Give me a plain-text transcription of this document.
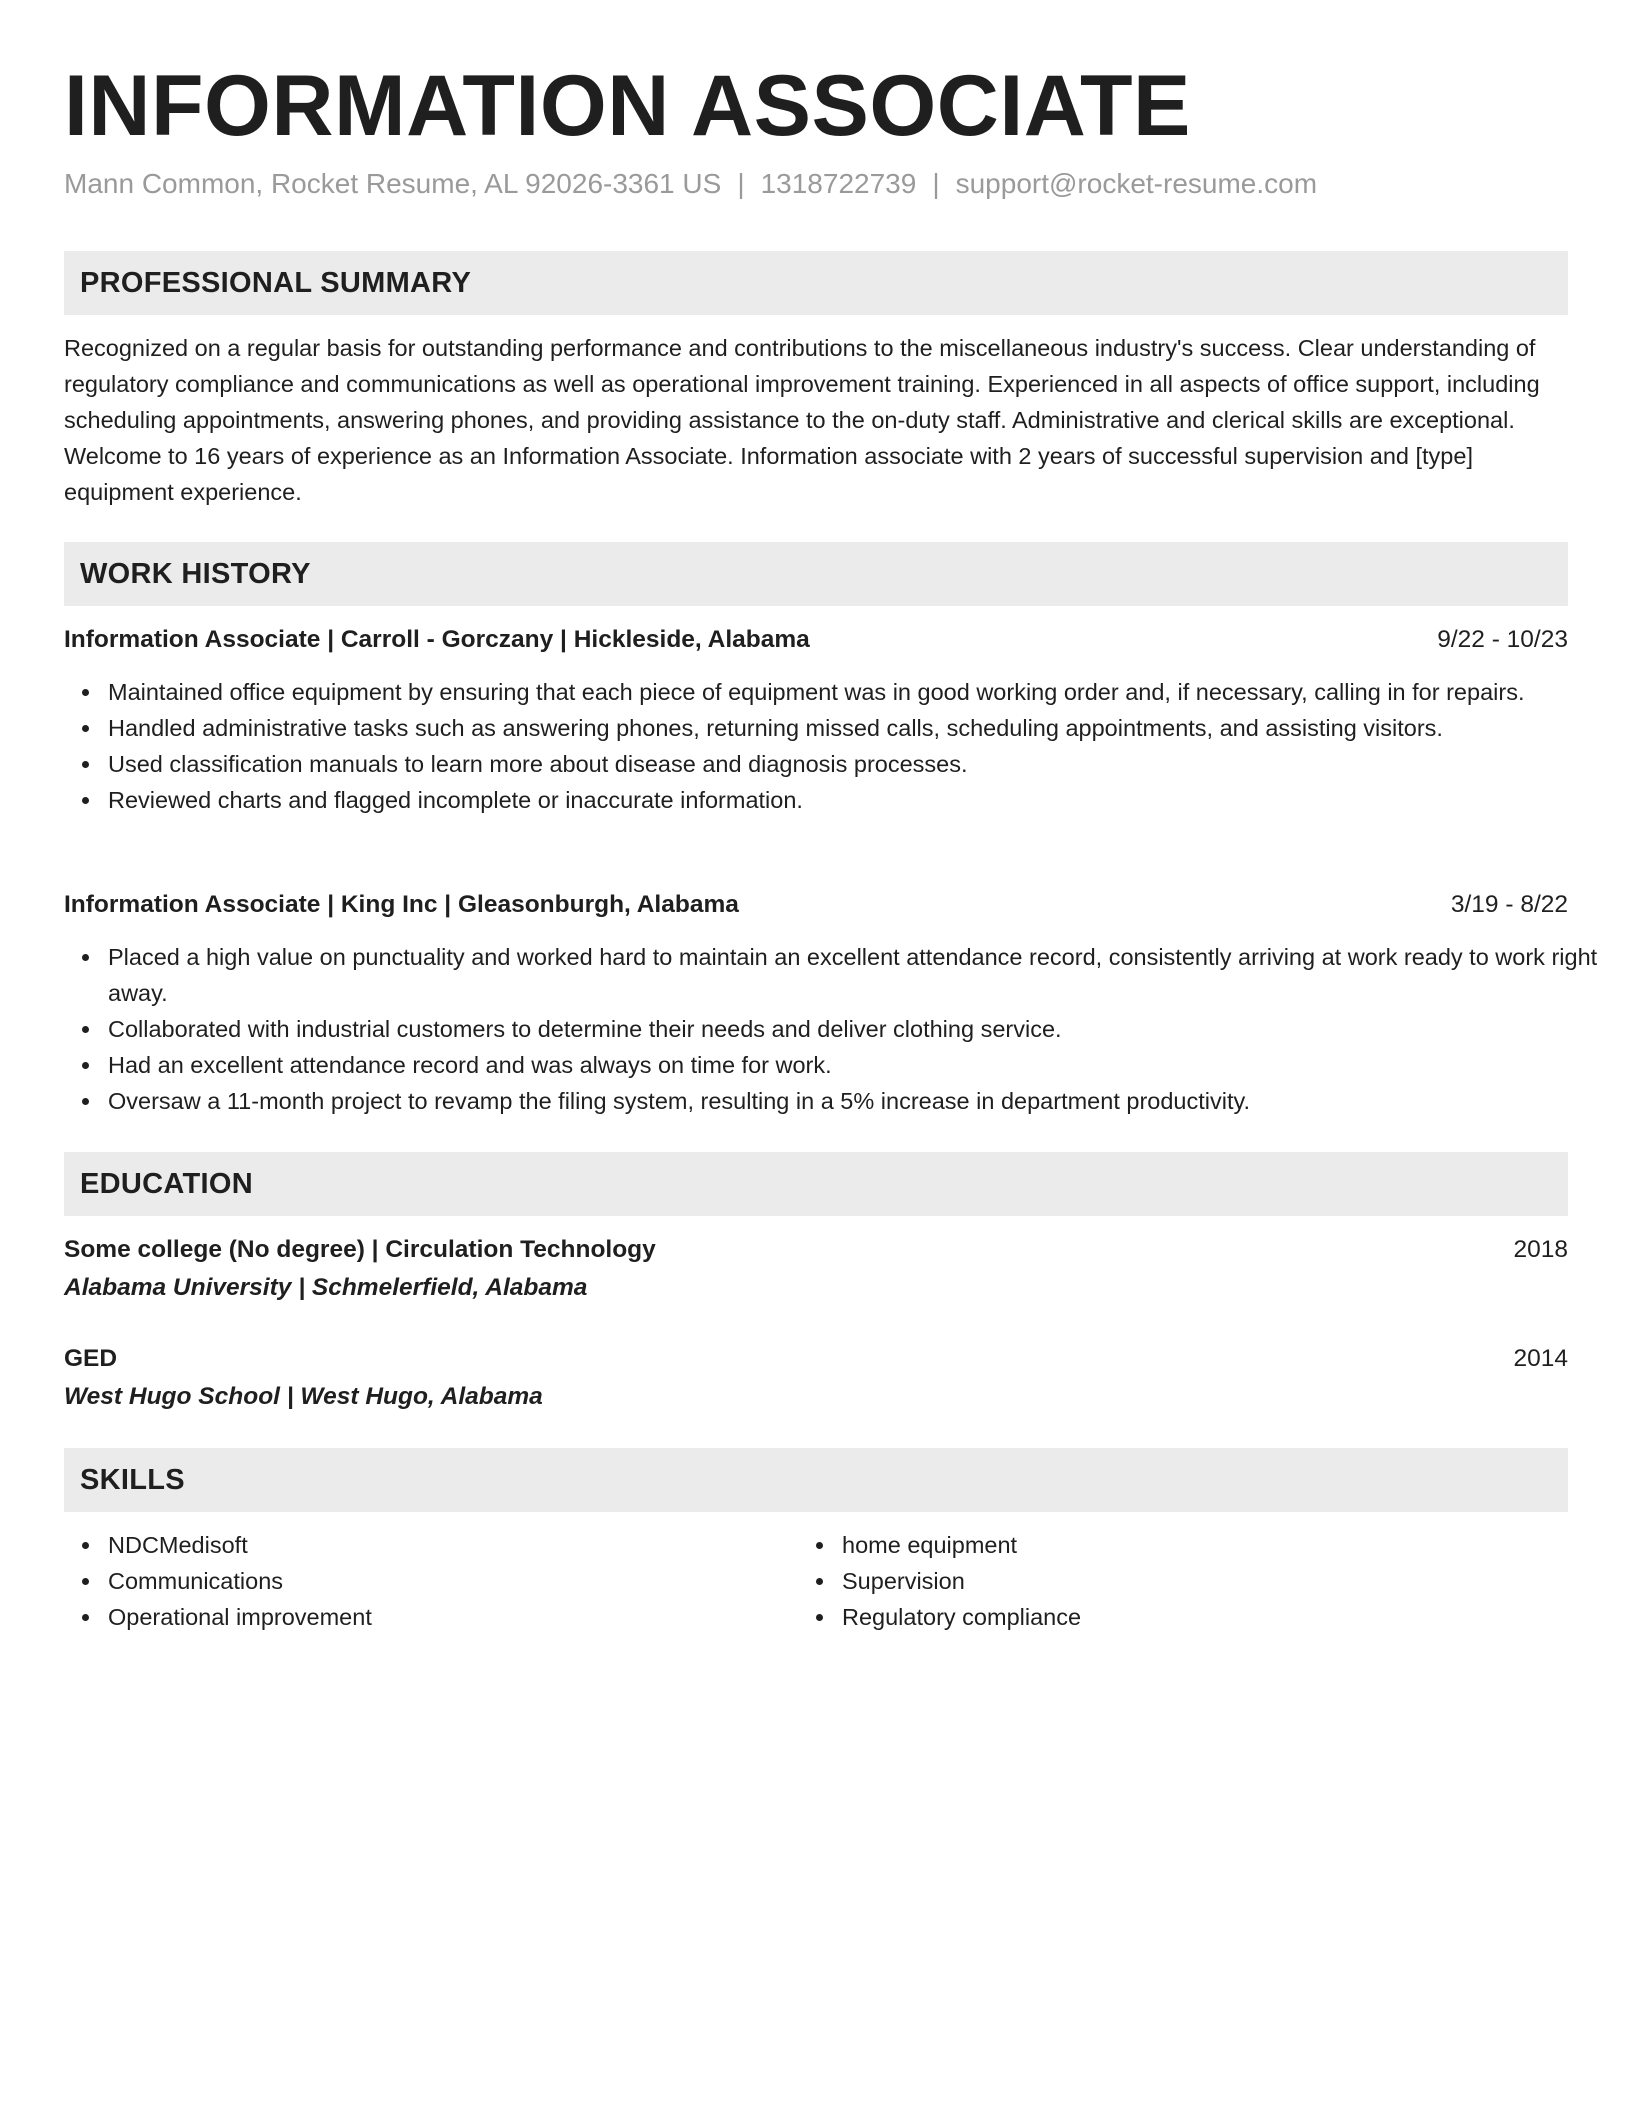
INFORMATION ASSOCIATE
Mann Common, Rocket Resume, AL 92026-3361 US | 1318722739 | support@rocket-resume.com
PROFESSIONAL SUMMARY

Recognized on a regular basis for outstanding performance and contributions to the miscellaneous industry's success. Clear understanding of regulatory compliance and communications as well as operational improvement training. Experienced in all aspects of office support, including scheduling appointments, answering phones, and providing assistance to the on-duty staff. Administrative and clerical skills are exceptional. Welcome to 16 years of experience as an Information Associate. Information associate with 2 years of successful supervision and [type] equipment experience.

WORK HISTORY
Information Associate | Carroll - Gorczany | Hickleside, Alabama	9/22 - 10/23
Maintained office equipment by ensuring that each piece of equipment was in good working order and, if necessary, calling in for repairs.
Handled administrative tasks such as answering phones, returning missed calls, scheduling appointments, and assisting visitors.
Used classification manuals to learn more about disease and diagnosis processes.
Reviewed charts and flagged incomplete or inaccurate information.
Information Associate | King Inc | Gleasonburgh, Alabama	3/19 - 8/22
Placed a high value on punctuality and worked hard to maintain an excellent attendance record, consistently arriving at work ready to work right away.
Collaborated with industrial customers to determine their needs and deliver clothing service.
Had an excellent attendance record and was always on time for work.
Oversaw a 11-month project to revamp the filing system, resulting in a 5% increase in department productivity.
EDUCATION
Some college (No degree) | Circulation Technology	2018
Alabama University | Schmelerfield, Alabama
GED	2014
West Hugo School | West Hugo, Alabama
SKILLS
NDCMedisoft
Communications
Operational improvement
home equipment
Supervision
Regulatory compliance
